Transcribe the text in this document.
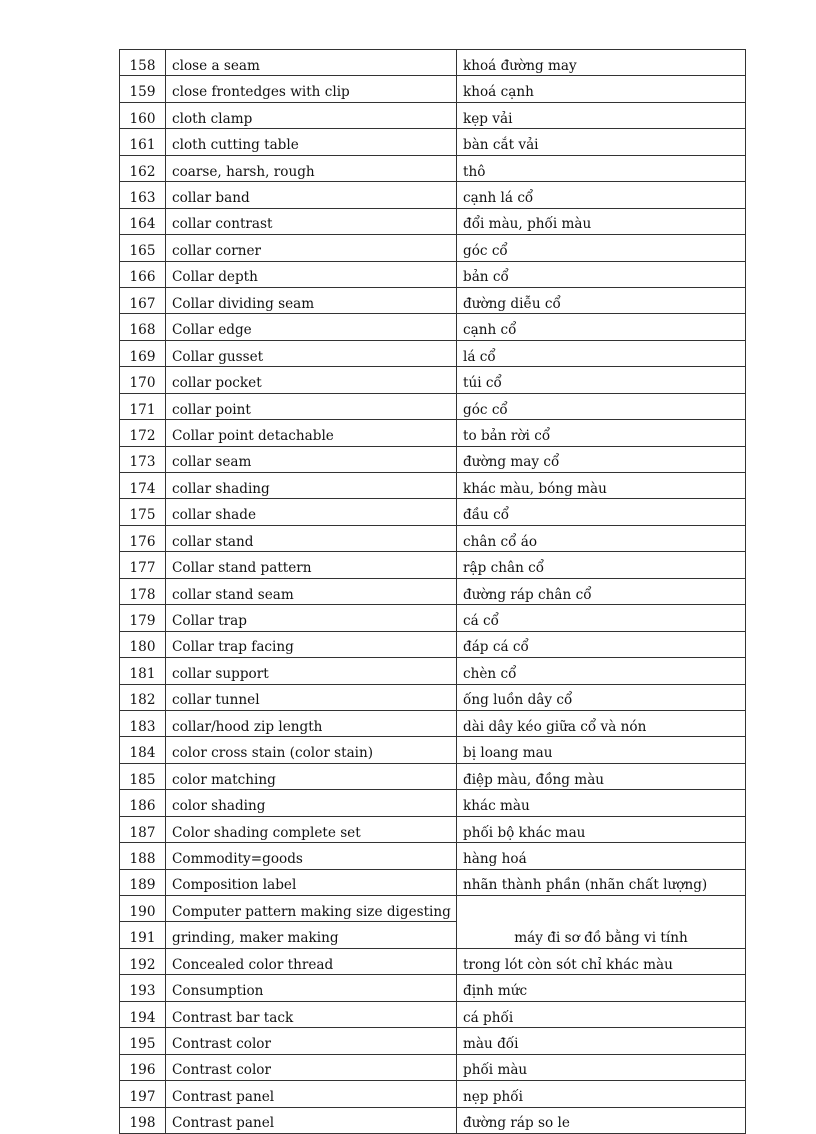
158	close a seam	khoá đường may
159	close frontedges with clip	khoá cạnh
160	cloth clamp	kẹp vải
161	cloth cutting table	bàn cắt vải
162	coarse, harsh, rough	thô
163	collar band	cạnh lá cổ
164	collar contrast	đổi màu, phối màu
165	collar corner	góc cổ
166	Collar depth	bản cổ
167	Collar dividing seam	đường diễu cổ
168	Collar edge	cạnh cổ
169	Collar gusset	lá cổ
170	collar pocket	túi cổ
171	collar point	góc cổ
172	Collar point detachable	to bản rời cổ
173	collar seam	đường may cổ
174	collar shading	khác màu, bóng màu
175	collar shade	đầu cổ
176	collar stand	chân cổ áo
177	Collar stand pattern	rập chân cổ
178	collar stand seam	đường ráp chân cổ
179	Collar trap	cá cổ
180	Collar trap facing	đáp cá cổ
181	collar support	chèn cổ
182	collar tunnel	ống luồn dây cổ
183	collar/hood zip length	dài dây kéo giữa cổ và nón
184	color cross stain (color stain)	bị loang mau
185	color matching	điệp màu, đồng màu
186	color shading	khác màu
187	Color shading complete set	phối bộ khác mau
188	Commodity=goods	hàng hoá
189	Composition label	nhãn thành phần (nhãn chất lượng)
190	Computer pattern making size digesting	máy đi sơ đồ bằng vi tính
191	grinding, maker making	
192	Concealed color thread	trong lót còn sót chỉ khác màu
193	Consumption	định mức
194	Contrast bar tack	cá phối
195	Contrast color	màu đối
196	Contrast color	phối màu
197	Contrast panel	nẹp phối
198	Contrast panel	đường ráp so le
